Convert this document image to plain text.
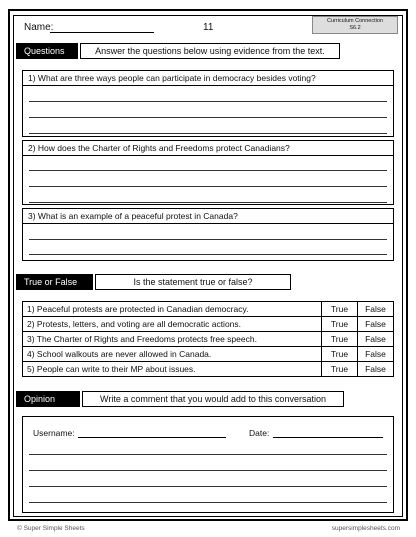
Name:	11
Curriculum Connection
S6.2
Questions	Answer the questions below using evidence from the text.
1) What are three ways people can participate in democracy besides voting?
2) How does the Charter of Rights and Freedoms protect Canadians?
3) What is an example of a peaceful protest in Canada?
True or False	Is the statement true or false?
1) Peaceful protests are protected in Canadian democracy.	True	False
2) Protests, letters, and voting are all democratic actions.	True	False
3) The Charter of Rights and Freedoms protects free speech.	True	False
4) School walkouts are never allowed in Canada.	True	False
5) People can write to their MP about issues.	True	False
Opinion	Write a comment that you would add to this conversation
Username:	Date:
© Super Simple Sheets	supersimplesheets.com
